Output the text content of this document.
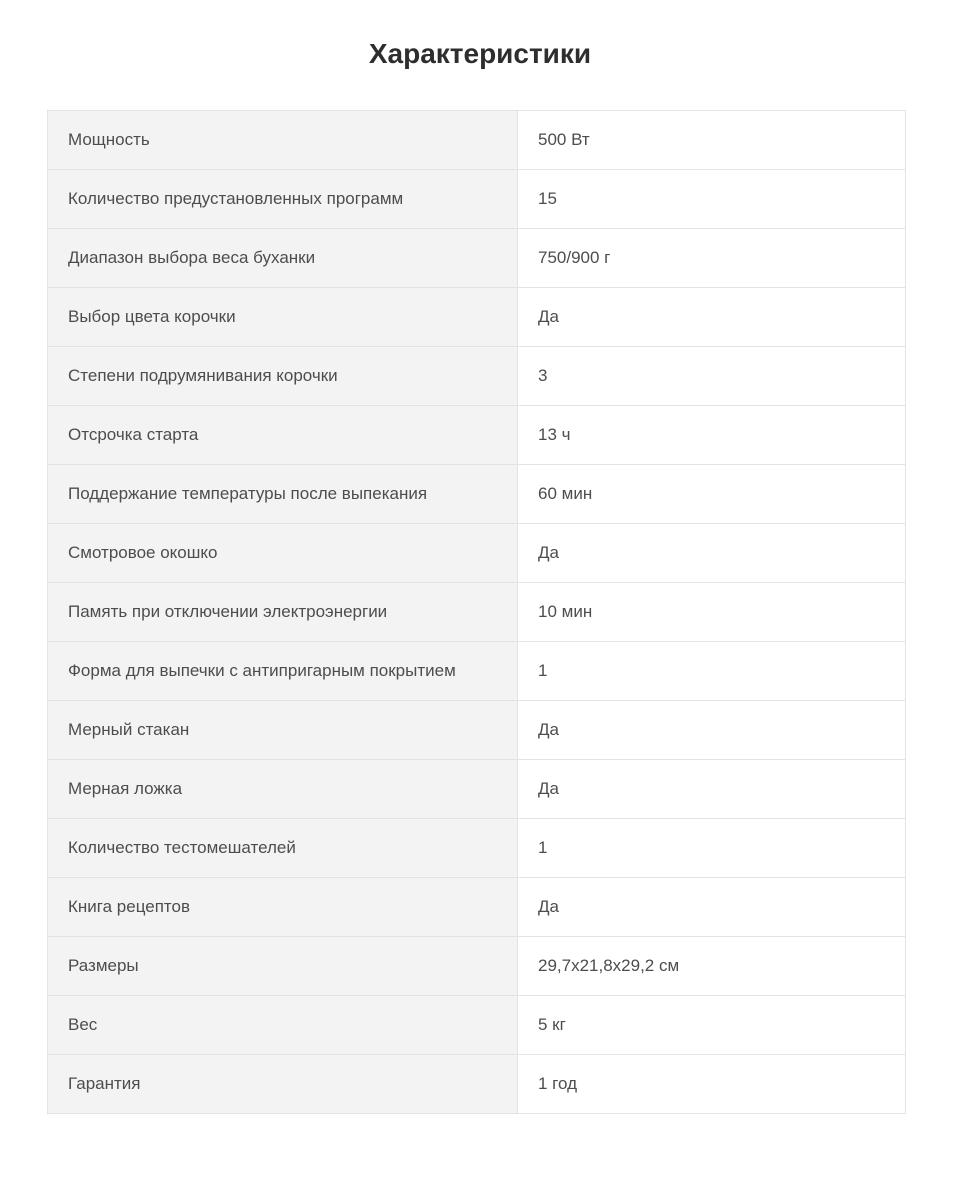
Характеристики
Мощность	500 Вт
Количество предустановленных программ	15
Диапазон выбора веса буханки	750/900 г
Выбор цвета корочки	Да
Степени подрумянивания корочки	3
Отсрочка старта	13 ч
Поддержание температуры после выпекания	60 мин
Смотровое окошко	Да
Память при отключении электроэнергии	10 мин
Форма для выпечки с антипригарным покрытием	1
Мерный стакан	Да
Мерная ложка	Да
Количество тестомешателей	1
Книга рецептов	Да
Размеры	29,7x21,8x29,2 см
Вес	5 кг
Гарантия	1 год
